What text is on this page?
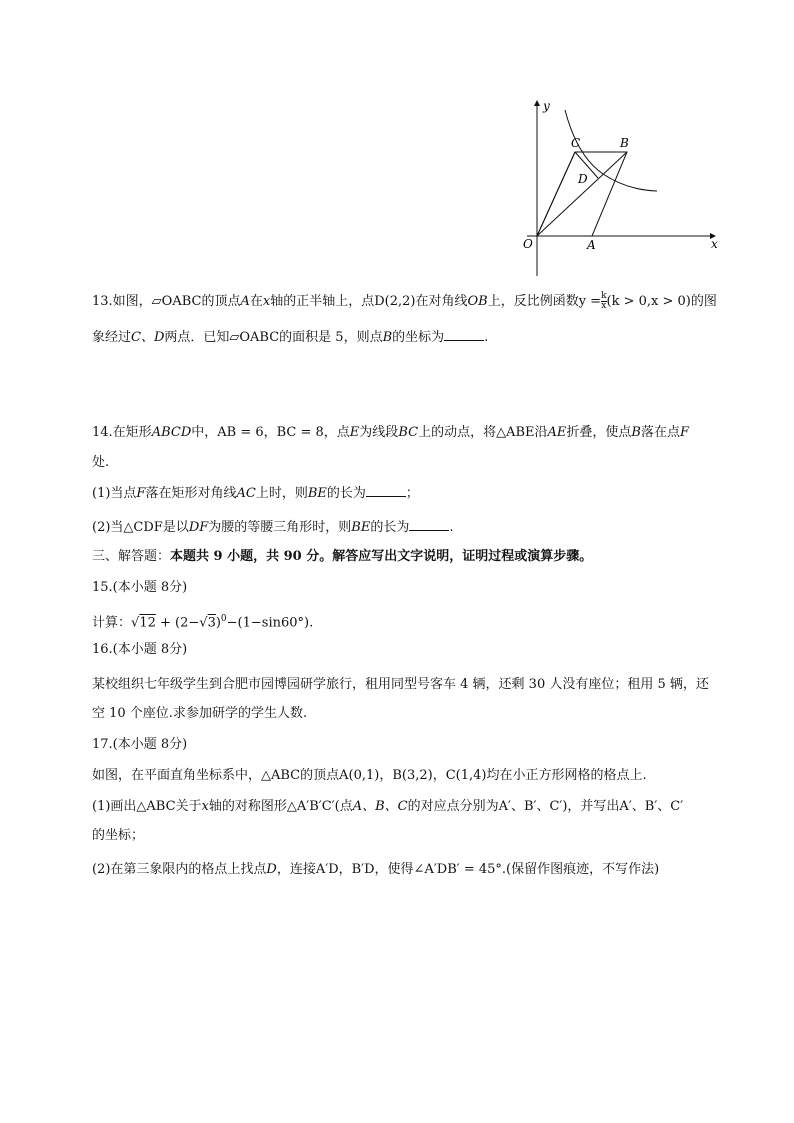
y
x
O	A
B
C
D
13.如图，▱OABC的顶点A在x轴的正半轴上，点D(2,2)在对角线OB上，反比例函数$y = \frac{k}{x} (k > 0,x > 0)$的图
象经过C、D两点．已知▱OABC的面积是 5，则点B的坐标为	.
14.在矩形ABCD中，AB = 6，BC = 8，点E为线段BC上的动点，将△ABE沿AE折叠，使点B落在点F
处.
(1)当点F落在矩形对角线AC上时，则BE的长为	；
(2)当△CDF是以DF为腰的等腰三角形时，则BE的长为	.
三、解答题：本题共 9 小题，共 90 分。解答应写出文字说明，证明过程或演算步骤。
15.(本小题 8分)
计算：$√12 + (2-√3)^0-(1-\sin 60^\circ)$.
16.(本小题 8分)
某校组织七年级学生到合肥市园博园研学旅行，租用同型号客车 4 辆，还剩 30 人没有座位；租用 5 辆，还
空 10 个座位.求参加研学的学生人数.
17.(本小题 8分)
如图，在平面直角坐标系中，△ABC的顶点A(0,1)，B(3,2)，C(1,4)均在小正方形网格的格点上.
(1)画出△ABC关于x轴的对称图形△A′B′C′(点A、B、C的对应点分别为A′、B′、C′)，并写出A′、B′、C′
的坐标；
(2)在第三象限内的格点上找点D，连接A′D，B′D，使得∠A′DB′ = 45°.(保留作图痕迹，不写作法)
